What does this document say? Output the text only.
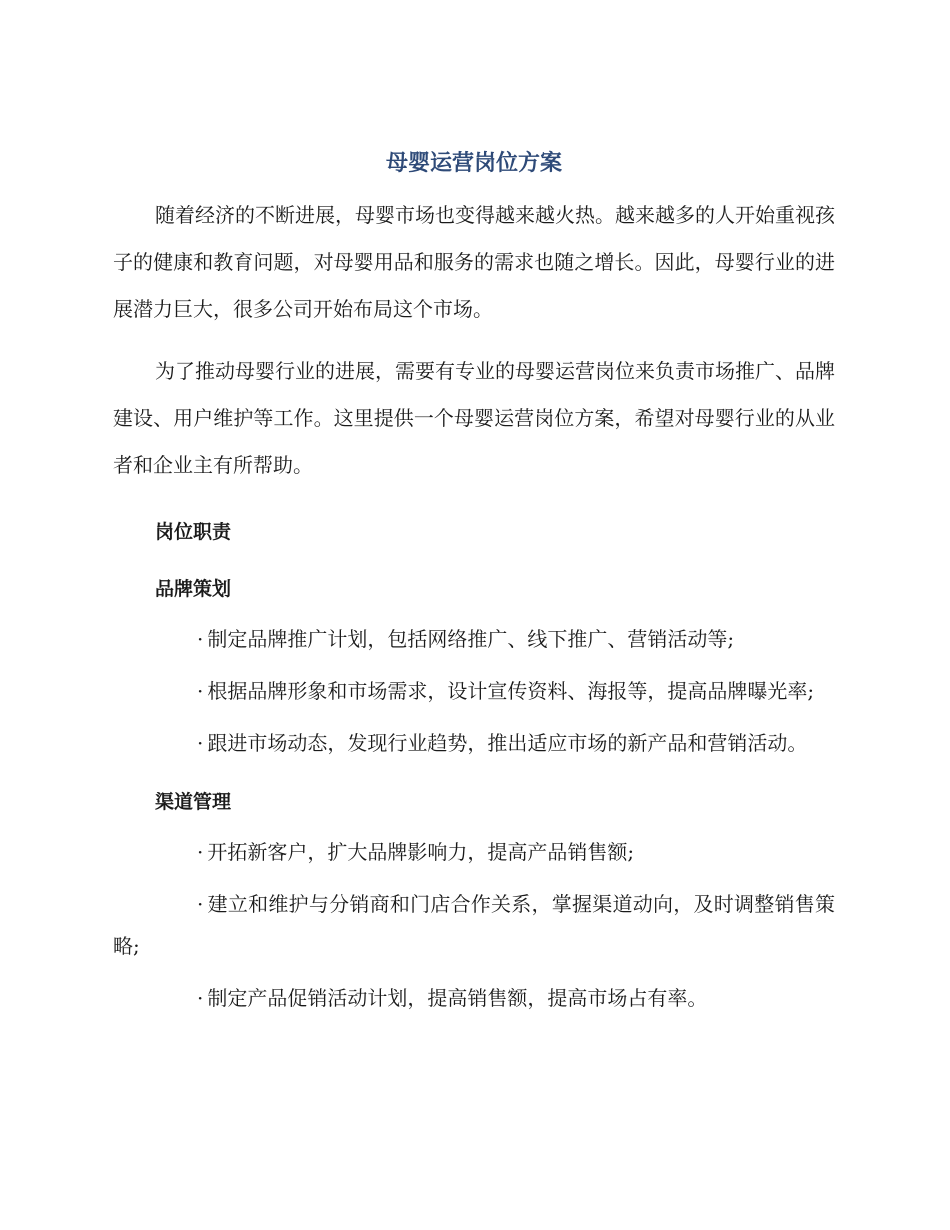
母婴运营岗位方案

随着经济的不断进展，母婴市场也变得越来越火热。越来越多的人开始重视孩子的健康和教育问题，对母婴用品和服务的需求也随之增长。因此，母婴行业的进展潜力巨大，很多公司开始布局这个市场。

为了推动母婴行业的进展，需要有专业的母婴运营岗位来负责市场推广、品牌建设、用户维护等工作。这里提供一个母婴运营岗位方案，希望对母婴行业的从业者和企业主有所帮助。

岗位职责
品牌策划

· 制定品牌推广计划，包括网络推广、线下推广、营销活动等;

· 根据品牌形象和市场需求，设计宣传资料、海报等，提高品牌曝光率;

· 跟进市场动态，发现行业趋势，推出适应市场的新产品和营销活动。

渠道管理

· 开拓新客户，扩大品牌影响力，提高产品销售额;

· 建立和维护与分销商和门店合作关系，掌握渠道动向，及时调整销售策略;

· 制定产品促销活动计划，提高销售额，提高市场占有率。
